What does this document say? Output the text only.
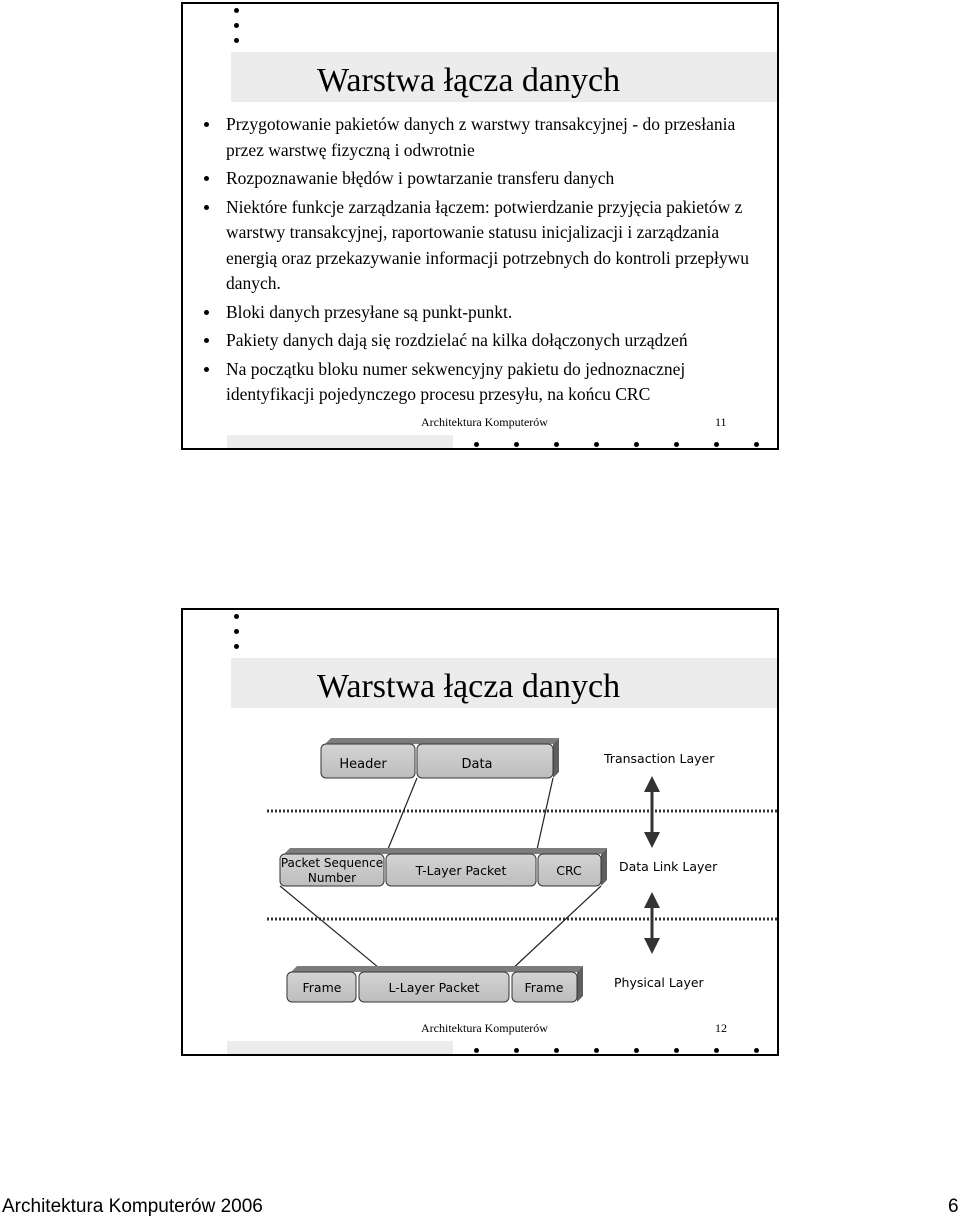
Warstwa łącza danych
Przygotowanie pakietów danych z warstwy transakcyjnej - do przesłania przez warstwę fizyczną i odwrotnie
Rozpoznawanie błędów i powtarzanie transferu danych
Niektóre funkcje zarządzania łączem: potwierdzanie przyjęcia pakietów z warstwy transakcyjnej, raportowanie statusu inicjalizacji i zarządzania energią oraz przekazywanie informacji potrzebnych do kontroli przepływu danych.
Bloki danych przesyłane są punkt-punkt.
Pakiety danych dają się rozdzielać na kilka dołączonych urządzeń
Na początku bloku numer sekwencyjny pakietu do jednoznacznej identyfikacji pojedynczego procesu przesyłu, na końcu CRC
Architektura Komputerów	11
Warstwa łącza danych
Header	Data	Transaction Layer
Packet Sequence
Number	T-Layer Packet	CRC	Data Link Layer
Frame	L-Layer Packet	Frame	Physical Layer
Architektura Komputerów	12
Architektura Komputerów 2006	6
